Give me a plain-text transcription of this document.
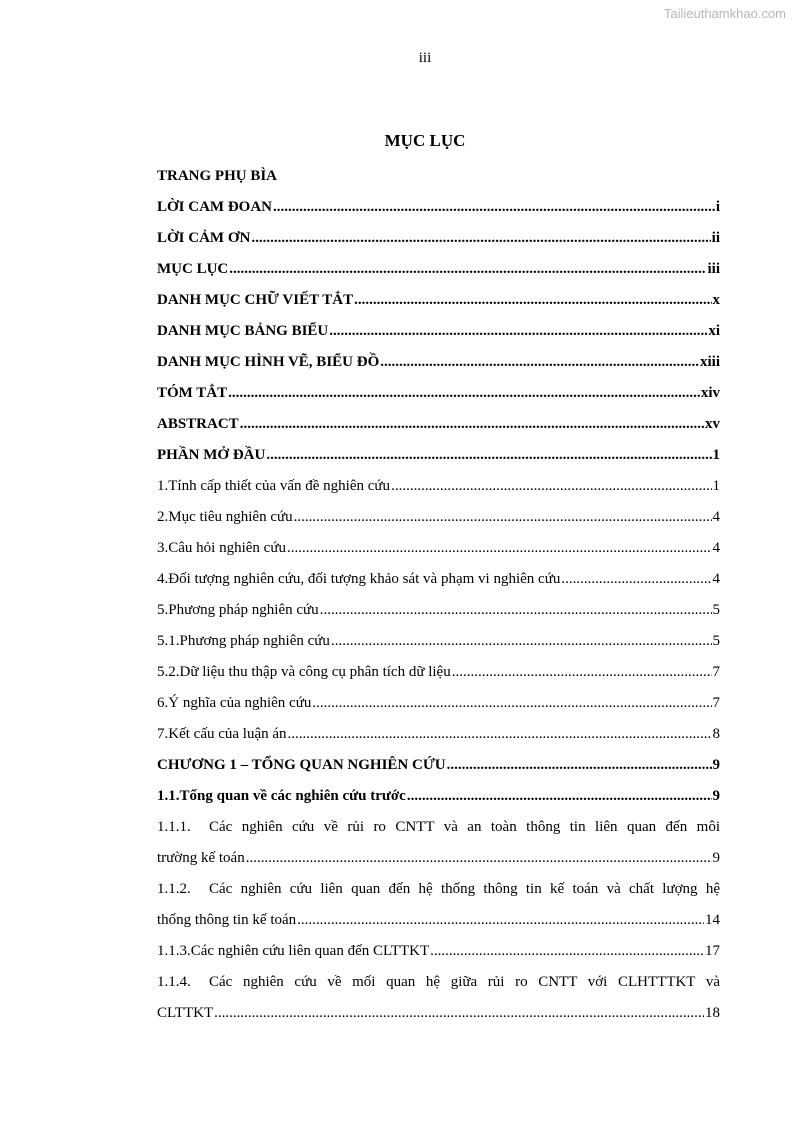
Tailieuthamkhao.com
iii
MỤC LỤC
TRANG PHỤ BÌA
LỜI CAM ĐOAN .....	i
LỜI CẢM ƠN .....	ii
MỤC LỤC .....	iii
DANH MỤC CHỮ VIẾT TẮT .....	x
DANH MỤC BẢNG BIỂU .....	xi
DANH MỤC HÌNH VẼ, BIỂU ĐỒ .....	xiii
TÓM TẮT .....	xiv
ABSTRACT .....	xv
PHẦN MỞ ĐẦU .....	1
1. Tính cấp thiết của vấn đề nghiên cứu .....	1
2. Mục tiêu nghiên cứu .....	4
3. Câu hỏi nghiên cứu .....	4
4. Đối tượng nghiên cứu, đối tượng khảo sát và phạm vi nghiên cứu .....	4
5. Phương pháp nghiên cứu .....	5
5.1. Phương pháp nghiên cứu .....	5
5.2. Dữ liệu thu thập và công cụ phân tích dữ liệu .....	7
6. Ý nghĩa của nghiên cứu .....	7
7. Kết cấu của luận án .....	8
CHƯƠNG 1 – TỔNG QUAN NGHIÊN CỨU .....	9
1.1. Tổng quan về các nghiên cứu trước .....	9
1.1.1.	Các nghiên cứu về rủi ro CNTT và an toàn thông tin liên quan đến môi
trường kế toán .....	9
1.1.2.	Các nghiên cứu liên quan đến hệ thống thông tin kế toán và chất lượng hệ
thống thông tin kế toán .....	14
1.1.3. Các nghiên cứu liên quan đến CLTTKT .....	17
1.1.4.	Các nghiên cứu về mối quan hệ giữa rủi ro CNTT với CLHTTTKT và
CLTTKT .....	18
